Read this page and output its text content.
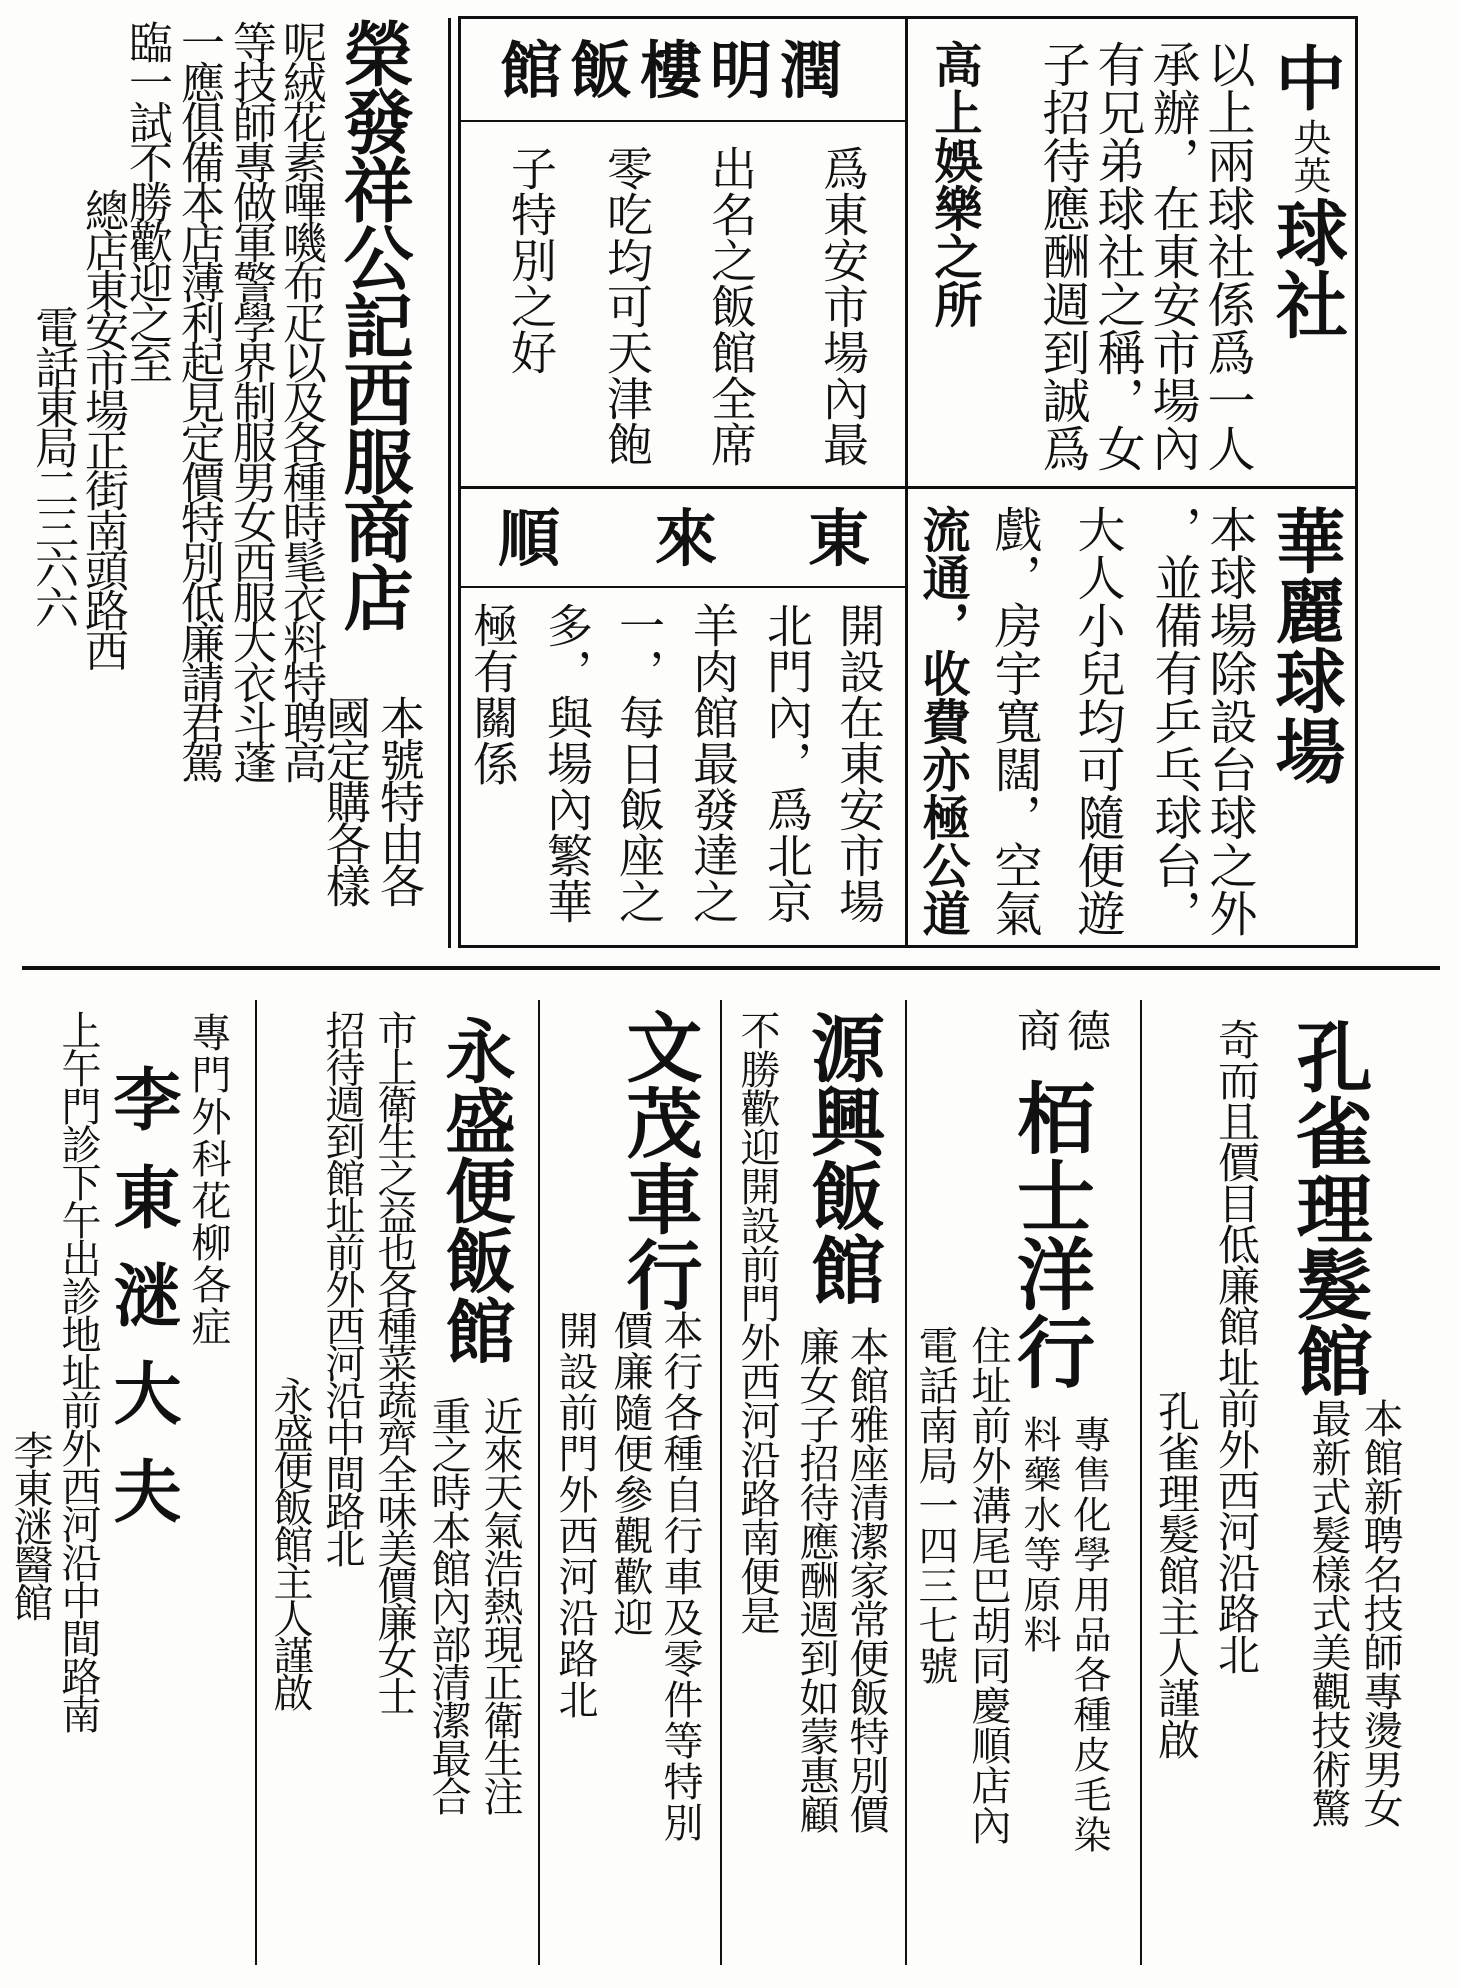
中
央英
球社
以上兩球社係爲一人
承辦，在東安市場內
有兄弟球社之稱，女
子招待應酬週到誠爲
高上娛樂之所
華麗球場
本球場除設台球之外
，並備有乒乓球台，
大人小兒均可隨便遊
戲，房宇寬闊，空氣
流通，收費亦極公道
潤明樓飯館
爲東安市場內最
出名之飯館全席
零吃均可天津飽
子特別之好
東
來
順
開設在東安市場
北門內，爲北京
羊肉館最發達之
一，每日飯座之
多，與場內繁華
極有關係
榮發祥公記西服商店
本號特由各
國定購各樣
呢絨花素嗶嘰布疋以及各種時髦衣料特聘高
等技師專做軍警學界制服男女西服大衣斗蓬
一應俱備本店薄利起見定價特別低廉請君駕
臨一試不勝歡迎之至
總店東安市場正街南頭路西
電話東局二三六六
孔雀理髮館
本館新聘名技師專燙男女
最新式髮樣式美觀技術驚
奇而且價目低廉館址前外西河沿路北
孔雀理髮館主人謹啟
德
商
栢士洋行
專售化學用品各種皮毛染
料藥水等原料
住址前外溝尾巴胡同慶順店內
電話南局一四三七號
源興飯館
本館雅座清潔家常便飯特別價
廉女子招待應酬週到如蒙惠顧
不勝歡迎開設前門外西河沿路南便是
文茂車行
本行各種自行車及零件等特別
價廉隨便參觀歡迎
開設前門外西河沿路北
永盛便飯館
近來天氣浩熱現正衛生注
重之時本館內部清潔最合
市上衛生之益也各種菜蔬齊全味美價廉女士
招待週到館址前外西河沿中間路北
永盛便飯館主人謹啟
專門外科花柳各症
李東㴹大夫
上午門診下午出診地址前外西河沿中間路南
李東㴹醫館
